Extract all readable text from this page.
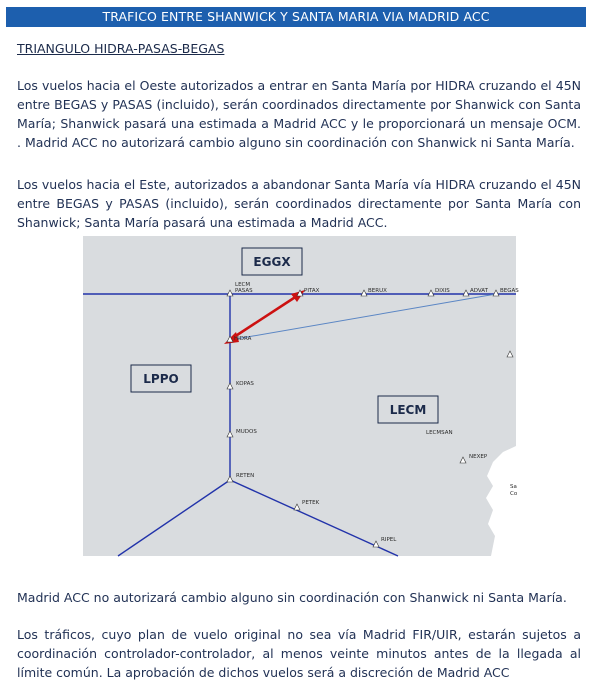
TRAFICO ENTRE SHANWICK Y SANTA MARIA VIA MADRID ACC
TRIANGULO HIDRA-PASAS-BEGAS
Los vuelos hacia el Oeste autorizados a entrar en Santa María por HIDRA cruzando el 45N entre BEGAS y PASAS (incluido), serán coordinados directamente por Shanwick con Santa María; Shanwick pasará una estimada a Madrid ACC y le proporcionará un mensaje OCM. . Madrid ACC no autorizará cambio alguno sin coordinación con Shanwick ni Santa María.
Los vuelos hacia el Este, autorizados a abandonar Santa María vía HIDRA cruzando el 45N entre BEGAS y PASAS (incluido), serán coordinados directamente por Santa María con Shanwick; Santa María pasará una estimada a Madrid ACC.
Sa
Co
LECM
PASAS	PITAX	BERUX	DIXIS	ADVAT BEGAS
HIDRA
KOPAS
MUDOS
RETEN
PETEK
RIPEL
NEXEP
LECMSAN
EGGX
LPPO
LECM
Madrid ACC no autorizará cambio alguno sin coordinación con Shanwick ni Santa María.
Los tráficos, cuyo plan de vuelo original no sea vía Madrid FIR/UIR, estarán sujetos a coordinación controlador-controlador, al menos veinte minutos antes de la llegada al límite común. La aprobación de dichos vuelos será a discreción de Madrid ACC
